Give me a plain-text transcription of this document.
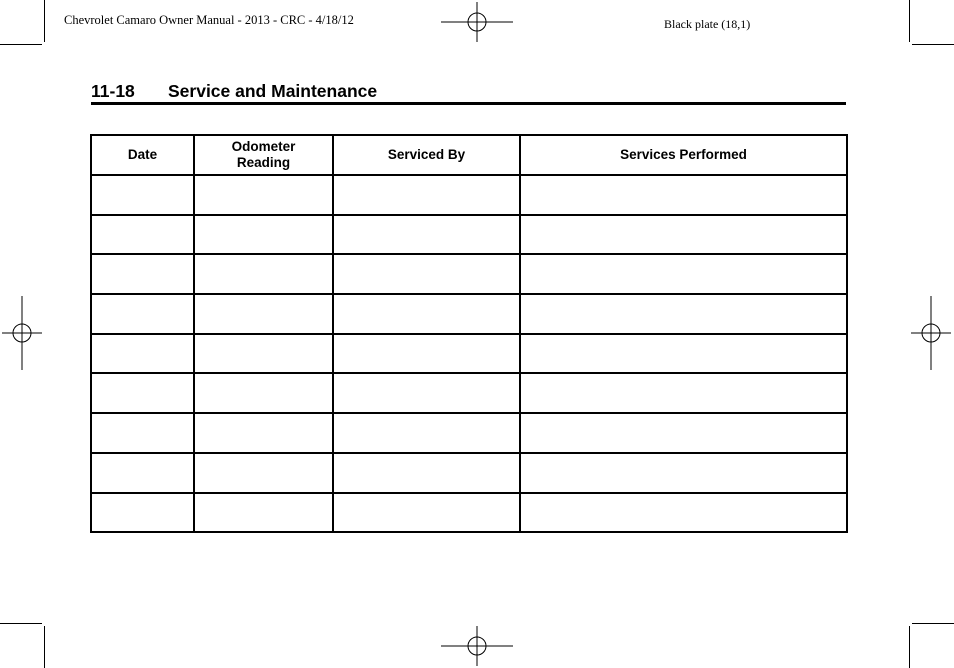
Chevrolet Camaro Owner Manual - 2013 - CRC - 4/18/12	Black plate (18,1)
11-18 Service and Maintenance
Date	Odometer Reading	Serviced By	Services Performed
